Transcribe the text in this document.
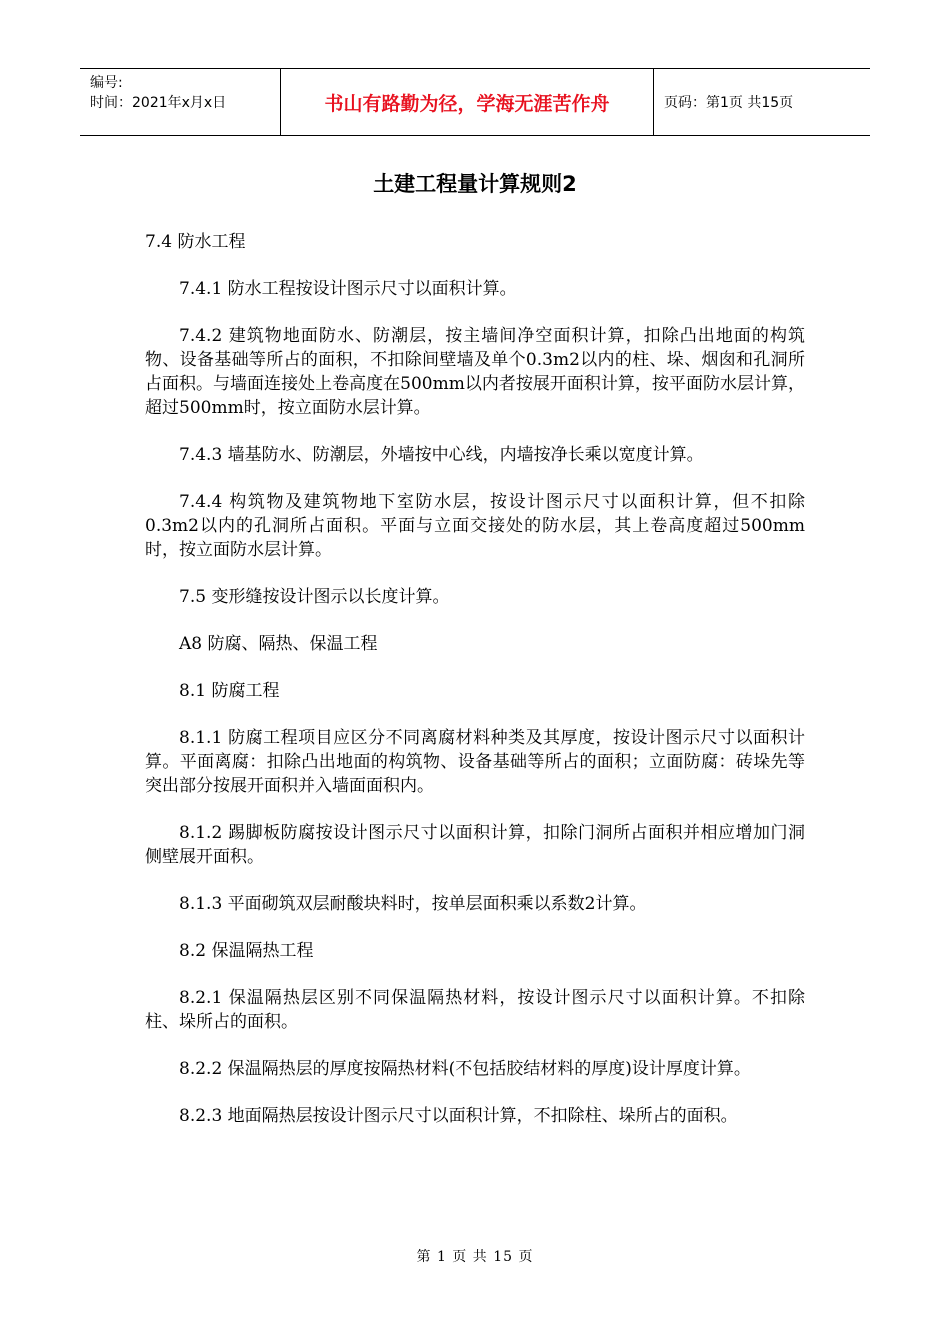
编号:
时间：2021年x月x日	书山有路勤为径，学海无涯苦作舟	页码：第1页 共15页
土建工程量计算规则2

7.4 防水工程

7.4.1 防水工程按设计图示尺寸以面积计算。

7.4.2 建筑物地面防水、防潮层，按主墙间净空面积计算，扣除凸出地面的构筑物、设备基础等所占的面积，不扣除间壁墙及单个0.3m2以内的柱、垛、烟囱和孔洞所占面积。与墙面连接处上卷高度在500mm以内者按展开面积计算，按平面防水层计算，超过500mm时，按立面防水层计算。

7.4.3 墙基防水、防潮层，外墙按中心线，内墙按净长乘以宽度计算。

7.4.4 构筑物及建筑物地下室防水层，按设计图示尺寸以面积计算，但不扣除0.3m2以内的孔洞所占面积。平面与立面交接处的防水层，其上卷高度超过500mm时，按立面防水层计算。

7.5 变形缝按设计图示以长度计算。

A8 防腐、隔热、保温工程

8.1 防腐工程

8.1.1 防腐工程项目应区分不同离腐材料种类及其厚度，按设计图示尺寸以面积计算。平面离腐：扣除凸出地面的构筑物、设备基础等所占的面积；立面防腐：砖垛先等突出部分按展开面积并入墙面面积内。

8.1.2 踢脚板防腐按设计图示尺寸以面积计算，扣除门洞所占面积并相应增加门洞侧壁展开面积。

8.1.3 平面砌筑双层耐酸块料时，按单层面积乘以系数2计算。

8.2 保温隔热工程

8.2.1 保温隔热层区别不同保温隔热材料，按设计图示尺寸以面积计算。不扣除柱、垛所占的面积。

8.2.2 保温隔热层的厚度按隔热材料(不包括胶结材料的厚度)设计厚度计算。

8.2.3 地面隔热层按设计图示尺寸以面积计算，不扣除柱、垛所占的面积。

第 1 页 共 15 页
